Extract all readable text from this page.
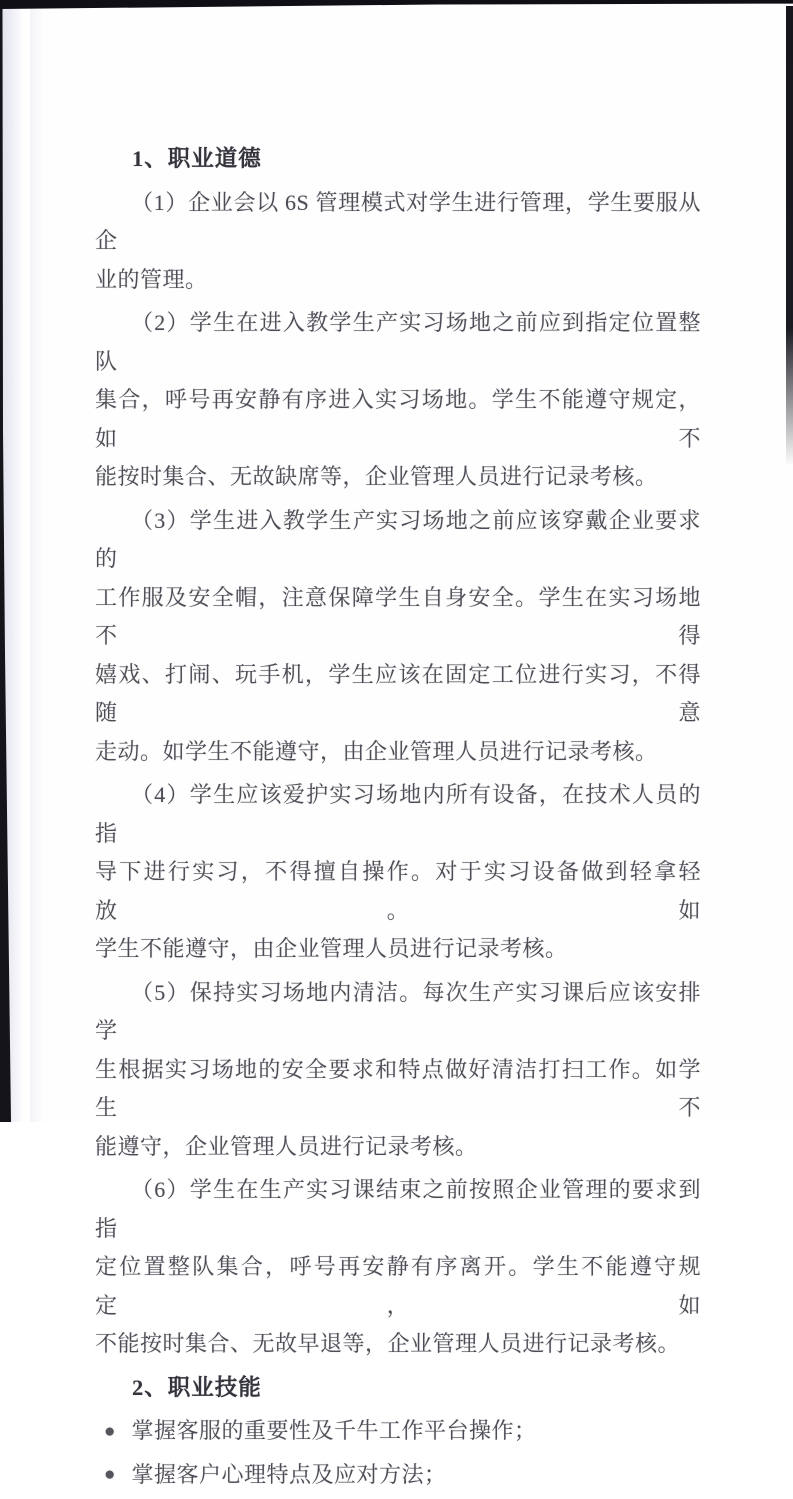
1、职业道德

（1）企业会以 6S 管理模式对学生进行管理，学生要服从企
业的管理。

（2）学生在进入教学生产实习场地之前应到指定位置整队
集合，呼号再安静有序进入实习场地。学生不能遵守规定，如不
能按时集合、无故缺席等，企业管理人员进行记录考核。

（3）学生进入教学生产实习场地之前应该穿戴企业要求的
工作服及安全帽，注意保障学生自身安全。学生在实习场地不得
嬉戏、打闹、玩手机，学生应该在固定工位进行实习，不得随意
走动。如学生不能遵守，由企业管理人员进行记录考核。

（4）学生应该爱护实习场地内所有设备，在技术人员的指
导下进行实习，不得擅自操作。对于实习设备做到轻拿轻放。如
学生不能遵守，由企业管理人员进行记录考核。

（5）保持实习场地内清洁。每次生产实习课后应该安排学
生根据实习场地的安全要求和特点做好清洁打扫工作。如学生不
能遵守，企业管理人员进行记录考核。

（6）学生在生产实习课结束之前按照企业管理的要求到指
定位置整队集合，呼号再安静有序离开。学生不能遵守规定，如
不能按时集合、无故早退等，企业管理人员进行记录考核。

2、职业技能
● 掌握客服的重要性及千牛工作平台操作；
● 掌握客户心理特点及应对方法；
